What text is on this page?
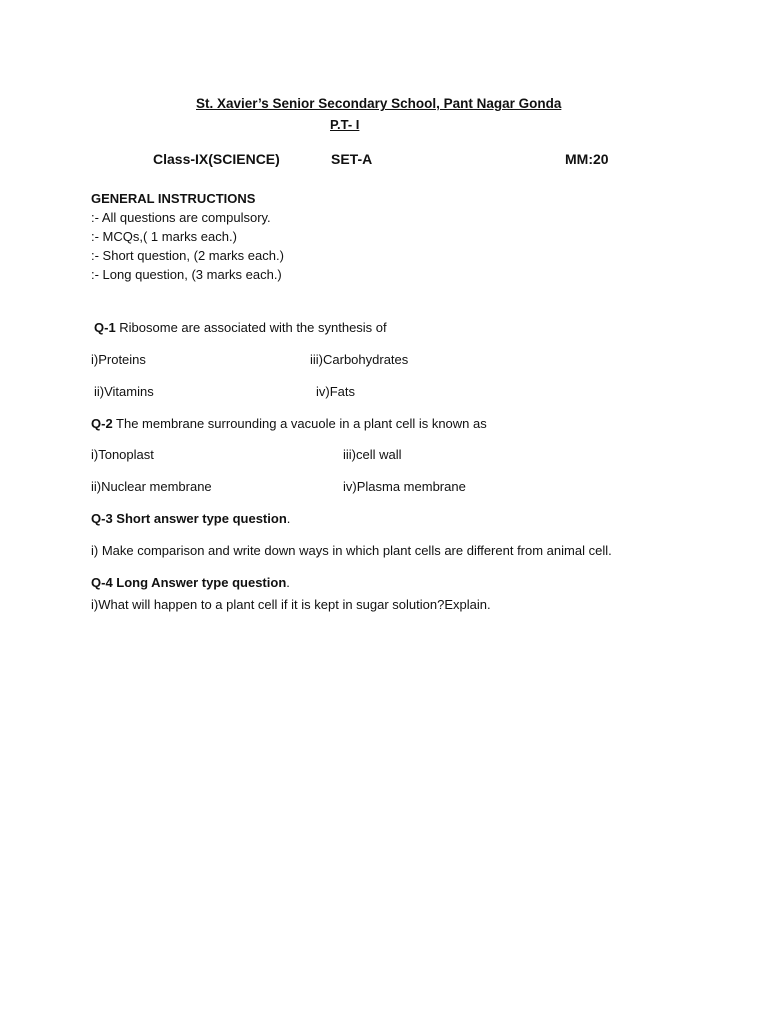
St. Xavier’s Senior Secondary School, Pant Nagar Gonda
P.T- I
Class-IX(SCIENCE)	SET-A	MM:20
GENERAL INSTRUCTIONS
:- All questions are compulsory.
:- MCQs,( 1 marks each.)
:- Short question, (2 marks each.)
:- Long question, (3 marks each.)
Q-1 Ribosome are associated with the synthesis of
i)Proteins	iii)Carbohydrates
ii)Vitamins	iv)Fats
Q-2 The membrane surrounding a vacuole in a plant cell is known as
i)Tonoplast	iii)cell wall
ii)Nuclear membrane	iv)Plasma membrane
Q-3 Short answer type question.
i) Make comparison and write down ways in which plant cells are different from animal cell.
Q-4 Long Answer type question.
i)What will happen to a plant cell if it is kept in sugar solution?Explain.
